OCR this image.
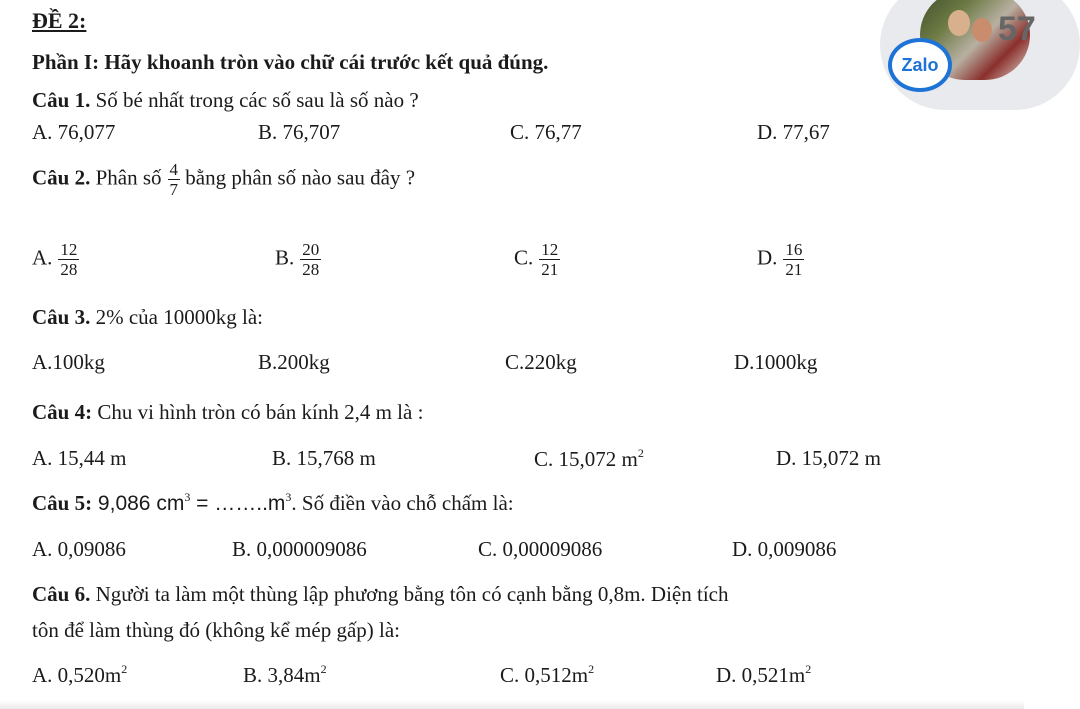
ĐỀ 2:
Phần I: Hãy khoanh tròn vào chữ cái trước kết quả đúng.
Câu 1. Số bé nhất trong các số sau là số nào ?
A. 76,077	B. 76,707	C. 76,77	D. 77,67
Câu 2. Phân số $\frac{4}{7}$ bằng phân số nào sau đây ?
A. $\frac{12}{28}$	B. $\frac{20}{28}$	C. $\frac{12}{21}$	D. $\frac{16}{21}$
Câu 3. 2% của 10000kg là:
A.100kg	B.200kg	C.220kg	D.1000kg
Câu 4: Chu vi hình tròn có bán kính 2,4 m là :
A. 15,44 m	B. 15,768 m	C. 15,072 $m^2$	D. 15,072 m
Câu 5: 9,086 $cm^3$ = $\dots\dots..m^3$. Số điền vào chỗ chấm là:
A. 0,09086	B. 0,000009086	C. 0,00009086	D. 0,009086
Câu 6. Người ta làm một thùng lập phương bằng tôn có cạnh bằng 0,8m. Diện tích
tôn để làm thùng đó (không kể mép gấp) là:
A. $0,520m^2$	B. $3,84m^2$	C. $0,512m^2$	D. $0,521m^2$
57
Zalo
